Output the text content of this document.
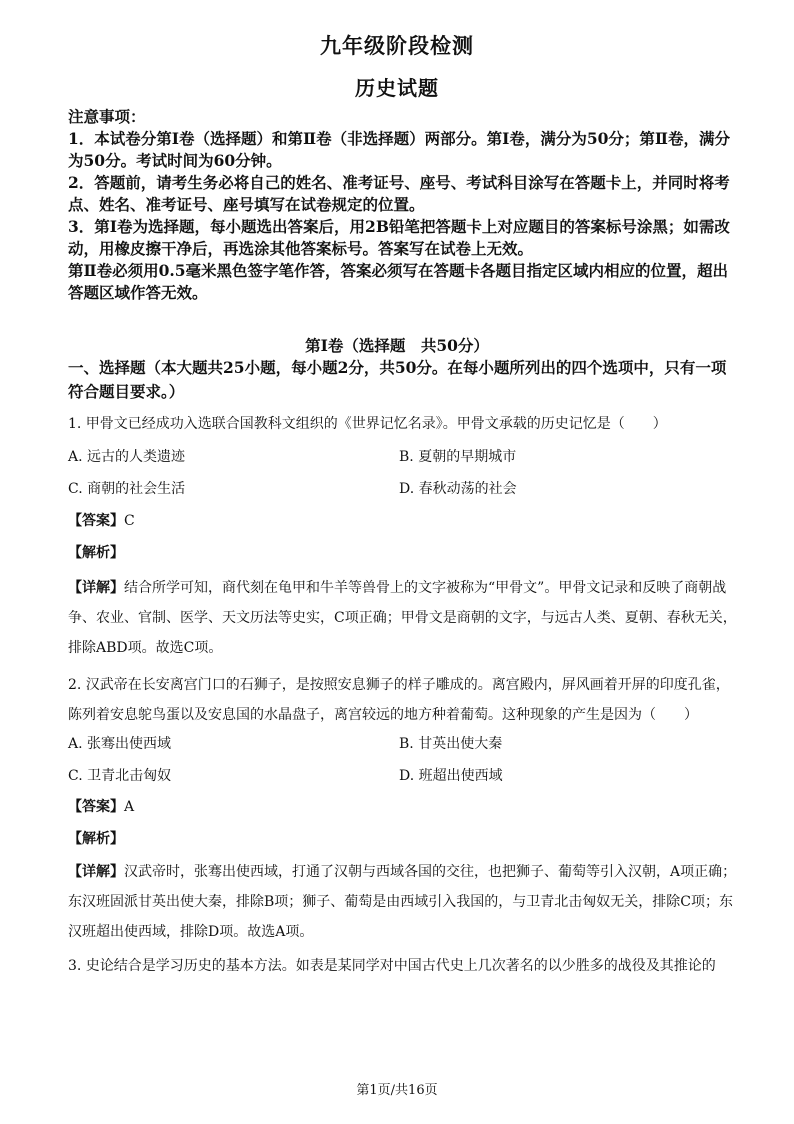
九年级阶段检测
历史试题

注意事项：

1．本试卷分第Ⅰ卷（选择题）和第Ⅱ卷（非选择题）两部分。第Ⅰ卷，满分为50分；第Ⅱ卷，满分为50分。考试时间为60分钟。

2．答题前，请考生务必将自己的姓名、准考证号、座号、考试科目涂写在答题卡上，并同时将考点、姓名、准考证号、座号填写在试卷规定的位置。

3．第Ⅰ卷为选择题，每小题选出答案后，用2B铅笔把答题卡上对应题目的答案标号涂黑；如需改动，用橡皮擦干净后，再选涂其他答案标号。答案写在试卷上无效。

第Ⅱ卷必须用0.5毫米黑色签字笔作答，答案必须写在答题卡各题目指定区域内相应的位置，超出答题区域作答无效。

第Ⅰ卷（选择题　共50分）
一、选择题（本大题共25小题，每小题2分，共50分。在每小题所列出的四个选项中，只有一项符合题目要求。）
1. 甲骨文已经成功入选联合国教科文组织的《世界记忆名录》。甲骨文承载的历史记忆是（　　）
A. 远古的人类遗迹	B. 夏朝的早期城市
C. 商朝的社会生活	D. 春秋动荡的社会
【答案】C
【解析】
【详解】结合所学可知，商代刻在龟甲和牛羊等兽骨上的文字被称为“甲骨文”。甲骨文记录和反映了商朝战争、农业、官制、医学、天文历法等史实，C项正确；甲骨文是商朝的文字，与远古人类、夏朝、春秋无关，排除ABD项。故选C项。
2. 汉武帝在长安离宫门口的石狮子，是按照安息狮子的样子雕成的。离宫殿内，屏风画着开屏的印度孔雀，陈列着安息鸵鸟蛋以及安息国的水晶盘子，离宫较远的地方种着葡萄。这种现象的产生是因为（　　）
A. 张骞出使西域	B. 甘英出使大秦
C. 卫青北击匈奴	D. 班超出使西域
【答案】A
【解析】
【详解】汉武帝时，张骞出使西域，打通了汉朝与西域各国的交往，也把狮子、葡萄等引入汉朝，A项正确；东汉班固派甘英出使大秦，排除B项；狮子、葡萄是由西域引入我国的，与卫青北击匈奴无关，排除C项；东汉班超出使西域，排除D项。故选A项。
3. 史论结合是学习历史的基本方法。如表是某同学对中国古代史上几次著名的以少胜多的战役及其推论的
第1页/共16页
